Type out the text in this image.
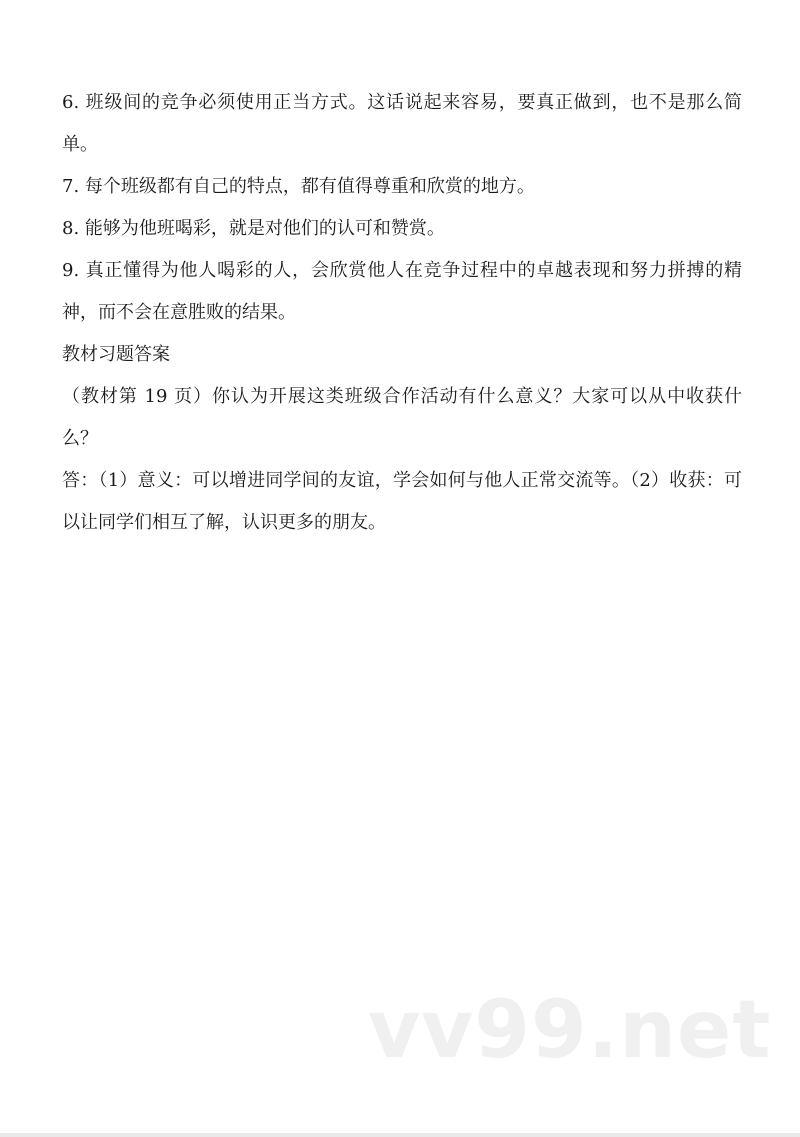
6. 班级间的竞争必须使用正当方式。这话说起来容易，要真正做到，也不是那么简单。

7. 每个班级都有自己的特点，都有值得尊重和欣赏的地方。

8. 能够为他班喝彩，就是对他们的认可和赞赏。

9. 真正懂得为他人喝彩的人，会欣赏他人在竞争过程中的卓越表现和努力拼搏的精神，而不会在意胜败的结果。

教材习题答案

（教材第 19 页）你认为开展这类班级合作活动有什么意义？大家可以从中收获什么？

答：（1）意义：可以增进同学间的友谊，学会如何与他人正常交流等。（2）收获：可以让同学们相互了解，认识更多的朋友。

vv99.net
